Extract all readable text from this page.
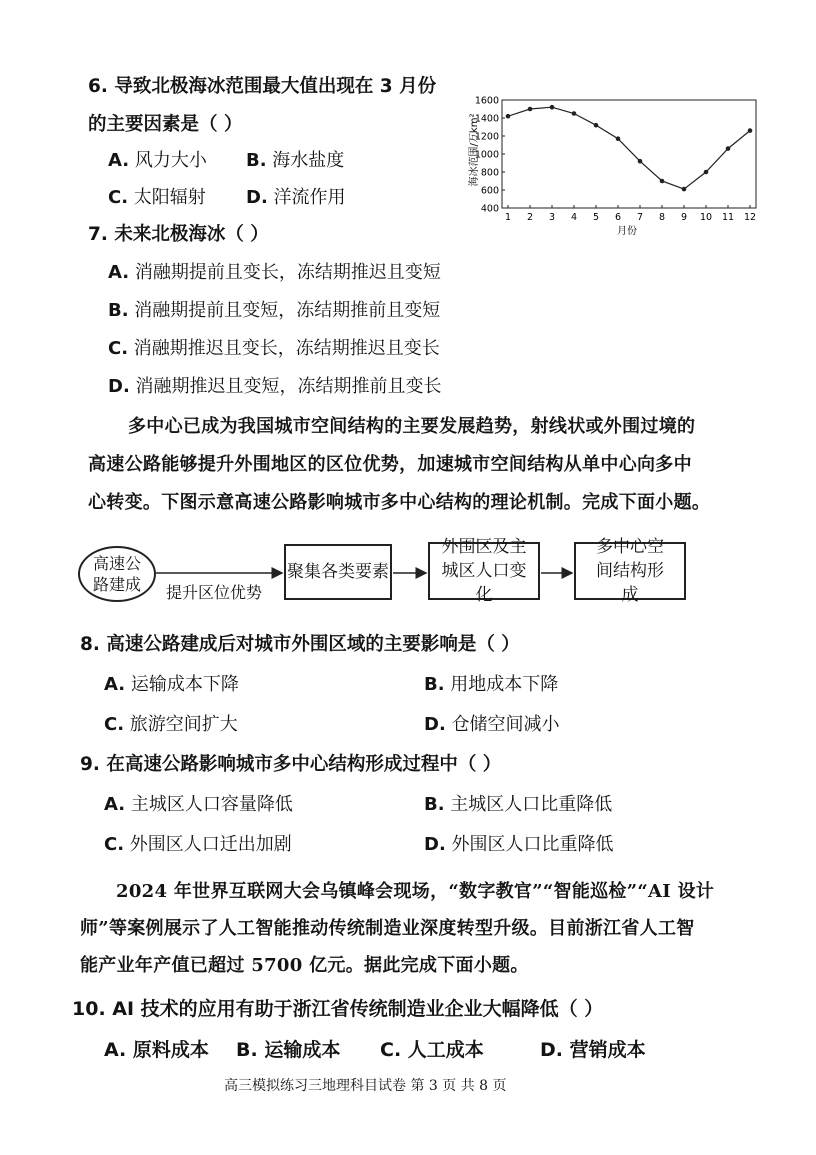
6. 导致北极海冰范围最大值出现在 3 月份
的主要因素是（ ）
A. 风力大小 B. 海水盐度
C. 太阳辐射 D. 洋流作用
海冰范围/万km²
月份
400
600
800
1000
1200
1400
1600
1 2 3 4 5 6 7 8 9 10 11 12
7. 未来北极海冰（ ）
A. 消融期提前且变长，冻结期推迟且变短
B. 消融期提前且变短，冻结期推前且变短
C. 消融期推迟且变长，冻结期推迟且变长
D. 消融期推迟且变短，冻结期推前且变长
多中心已成为我国城市空间结构的主要发展趋势，射线状或外围过境的
高速公路能够提升外围地区的区位优势，加速城市空间结构从单中心向多中
心转变。下图示意高速公路影响城市多中心结构的理论机制。完成下面小题。
高速公路建成
聚集各类要素
外围区及主城区人口变化
多中心空间结构形成
提升区位优势
8. 高速公路建成后对城市外围区域的主要影响是（ ）
A. 运输成本下降	B. 用地成本下降
C. 旅游空间扩大	D. 仓储空间减小
9. 在高速公路影响城市多中心结构形成过程中（ ）
A. 主城区人口容量降低	B. 主城区人口比重降低
C. 外围区人口迁出加剧	D. 外围区人口比重降低
2024 年世界互联网大会乌镇峰会现场，“数字教官”“智能巡检”“AI 设计
师”等案例展示了人工智能推动传统制造业深度转型升级。目前浙江省人工智
能产业年产值已超过 5700 亿元。据此完成下面小题。
10. AI 技术的应用有助于浙江省传统制造业企业大幅降低（ ）
A. 原料成本 B. 运输成本 C. 人工成本	D. 营销成本
高三模拟练习三地理科目试卷 第 3 页 共 8 页
